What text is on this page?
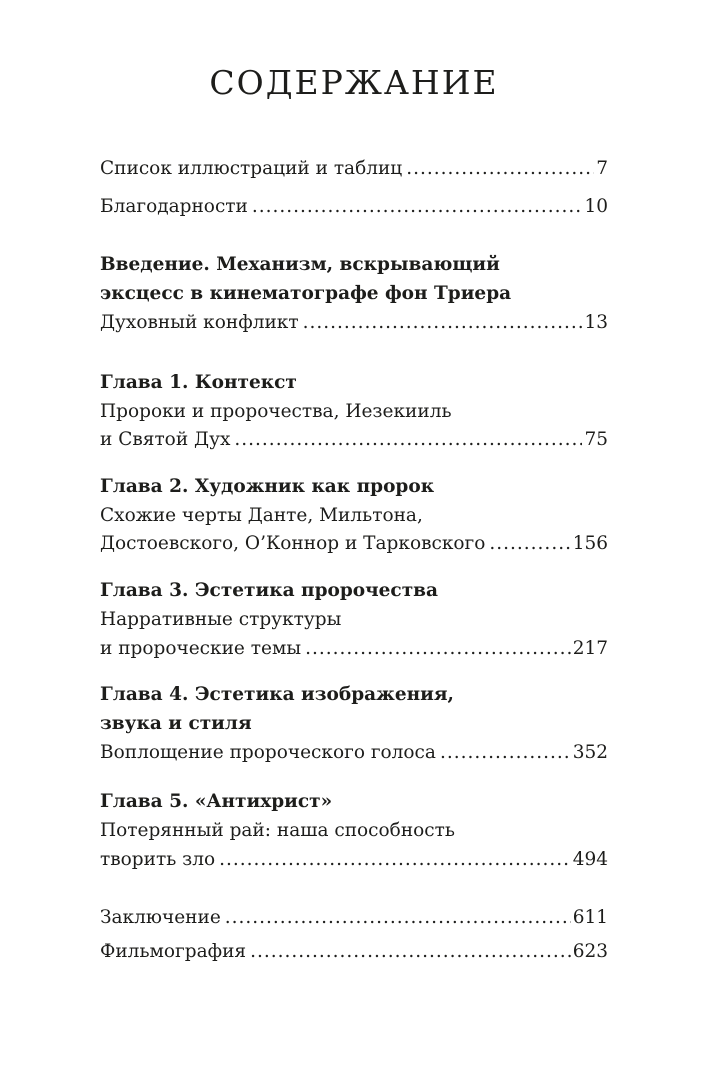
СОДЕРЖАНИЕ
Список иллюстраций и таблиц .....	7
Благодарности .....	10
Введение. Механизм, вскрывающий
эксцесс в кинематографе фон Триера
Духовный конфликт .....	13
Глава 1. Контекст
Пророки и пророчества, Иезекииль
и Святой Дух .....	75
Глава 2. Художник как пророк
Схожие черты Данте, Мильтона,
Достоевского, О’Коннор и Тарковского .....	156
Глава 3. Эстетика пророчества
Нарративные структуры
и пророческие темы .....	217
Глава 4. Эстетика изображения,
звука и стиля
Воплощение пророческого голоса .....	352
Глава 5. «Антихрист»
Потерянный рай: наша способность
творить зло .....	494
Заключение .....	611
Фильмография .....	623
